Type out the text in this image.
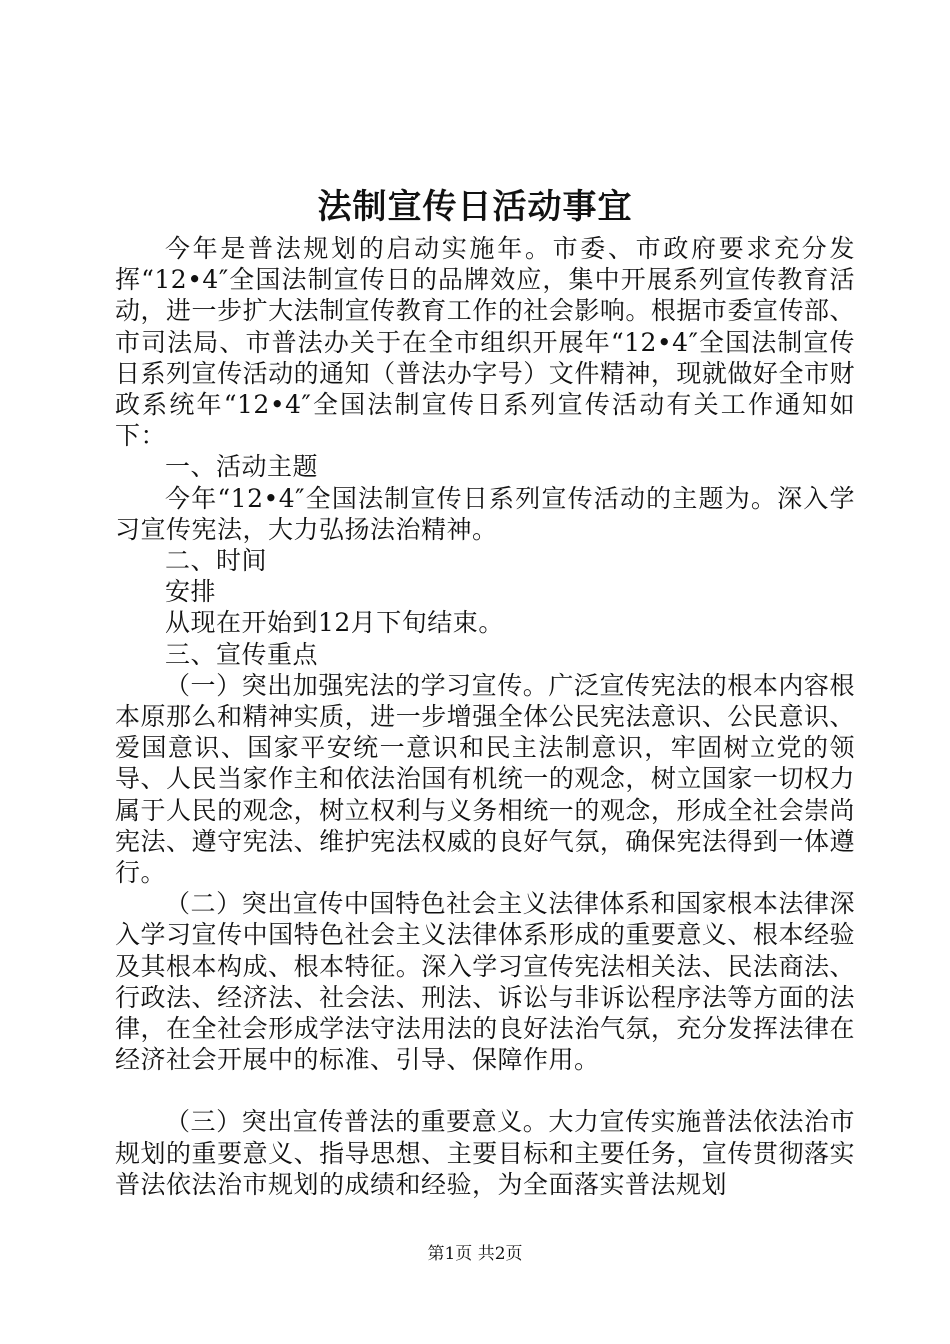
法制宣传日活动事宜

今年是普法规划的启动实施年。市委、市政府要求充分发挥“12•4″全国法制宣传日的品牌效应，集中开展系列宣传教育活动，进一步扩大法制宣传教育工作的社会影响。根据市委宣传部、市司法局、市普法办关于在全市组织开展年“12•4″全国法制宣传日系列宣传活动的通知（普法办字号）文件精神，现就做好全市财政系统年“12•4″全国法制宣传日系列宣传活动有关工作通知如下：

一、活动主题

今年“12•4″全国法制宣传日系列宣传活动的主题为。深入学习宣传宪法，大力弘扬法治精神。

二、时间

安排

从现在开始到12月下旬结束。

三、宣传重点

（一）突出加强宪法的学习宣传。广泛宣传宪法的根本内容根本原那么和精神实质，进一步增强全体公民宪法意识、公民意识、爱国意识、国家平安统一意识和民主法制意识，牢固树立党的领导、人民当家作主和依法治国有机统一的观念，树立国家一切权力属于人民的观念，树立权利与义务相统一的观念，形成全社会崇尚宪法、遵守宪法、维护宪法权威的良好气氛，确保宪法得到一体遵行。

（二）突出宣传中国特色社会主义法律体系和国家根本法律深入学习宣传中国特色社会主义法律体系形成的重要意义、根本经验及其根本构成、根本特征。深入学习宣传宪法相关法、民法商法、行政法、经济法、社会法、刑法、诉讼与非诉讼程序法等方面的法律，在全社会形成学法守法用法的良好法治气氛，充分发挥法律在经济社会开展中的标准、引导、保障作用。

（三）突出宣传普法的重要意义。大力宣传实施普法依法治市规划的重要意义、指导思想、主要目标和主要任务，宣传贯彻落实普法依法治市规划的成绩和经验，为全面落实普法规划

第1页 共2页
